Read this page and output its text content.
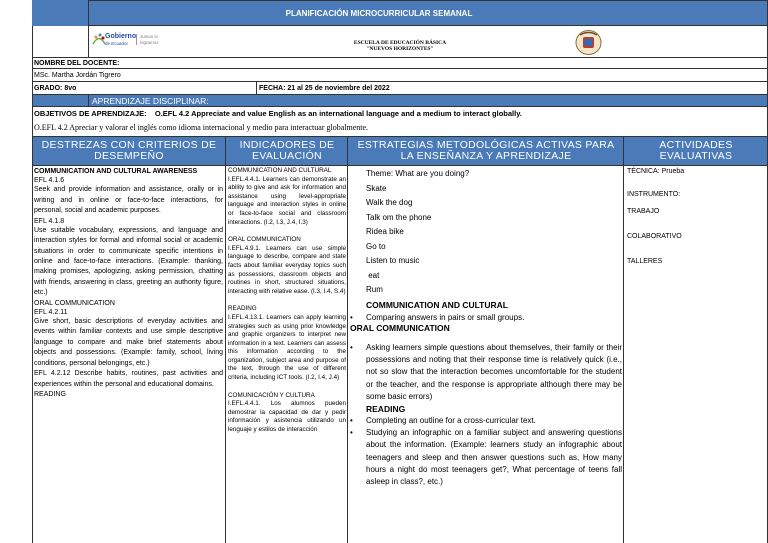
PLANIFICACIÓN MICROCURRICULAR SEMANAL
Gobierno
de Ecuador
Juntos lo logramos	ESCUELA DE EDUCACIÓN BÁSICA
"NUEVOS HORIZONTES"
NOMBRE DEL DOCENTE:
MSc. Martha Jordán Tigrero
GRADO: 8vo	FECHA: 21 al 25 de noviembre del 2022
APRENDIZAJE DISCIPLINAR:
OBJETIVOS DE APRENDIZAJE: O.EFL 4.2 Appreciate and value English as an international language and a medium to interact globally.
O.EFL 4.2 Apreciar y valorar el inglés como idioma internacional y medio para interactuar globalmente.
DESTREZAS CON CRITERIOS DE DESEMPEÑO
INDICADORES DE EVALUACIÓN
ESTRATEGIAS METODOLÓGICAS ACTIVAS PARA LA ENSEÑANZA Y APRENDIZAJE
ACTIVIDADES EVALUATIVAS
COMMUNICATION AND CULTURAL AWARENESS
EFL 4.1.6
Seek and provide information and assistance, orally or in writing and in online or face-to-face interactions, for personal, social and academic purposes.
EFL 4.1.8
Use suitable vocabulary, expressions, and language and interaction styles for formal and informal social or academic situations in order to communicate specific intentions in online and face-to-face interactions. (Example: thanking, making promises, apologizing, asking permission, chatting with friends, answering in class, greeting an authority figure, etc.)
ORAL COMMUNICATION
EFL 4.2.11
Give short, basic descriptions of everyday activities and events within familiar contexts and use simple descriptive language to compare and make brief statements about objects and possessions. (Example: family, school, living conditions, personal belongings, etc.)
EFL 4.2.12 Describe habits, routines, past activities and experiences within the personal and educational domains.
READING
COMMUNICATION AND CULTURAL
I.EFL.4.4.1. Learners can demonstrate an ability to give and ask for information and assistance using level-appropriate language and interaction styles in online or face-to-face social and classroom interactions. (I.2, I.3, J.4, I.3)
ORAL COMMUNICATION
I.EFL.4.9.1. Learners can use simple language to describe, compare and state facts about familiar everyday topics such as possessions, classroom objects and routines in short, structured situations, interacting with relative ease. (I.3, I.4, S.4)
READING
I.EFL.4.13.1. Learners can apply learning strategies such as using prior knowledge and graphic organizers to interpret new information in a text. Learners can assess this information according to the organization, subject area and purpose of the text, through the use of different criteria, including ICT tools. (I.2, I.4, J.4)
COMUNICACIÓN Y CULTURA
I.EFL.4.4.1. Los alumnos pueden demostrar la capacidad de dar y pedir información y asistencia utilizando un lenguaje y estilos de interacción
Theme: What are you doing?
Skate
Walk the dog
Talk om the phone
Ridea bike
Go to
Listen to music
eat
Rum
COMMUNICATION AND CULTURAL
• Comparing answers in pairs or small groups.
ORAL COMMUNICATION
• Asking learners simple questions about themselves, their family or their possessions and noting that their response time is relatively quick (i.e., not so slow that the interaction becomes uncomfortable for the student or the teacher, and the response is appropriate although there may be some basic errors)
READING
• Completing an outline for a cross-curricular text.
• Studying an infographic on a familiar subject and answering questions about the information. (Example: learners study an infographic about teenagers and sleep and then answer questions such as, How many hours a night do most teenagers get?, What percentage of teens fall asleep in class?, etc.)
TÉCNICA: Prueba
INSTRUMENTO:
TRABAJO
COLABORATIVO
TALLERES
